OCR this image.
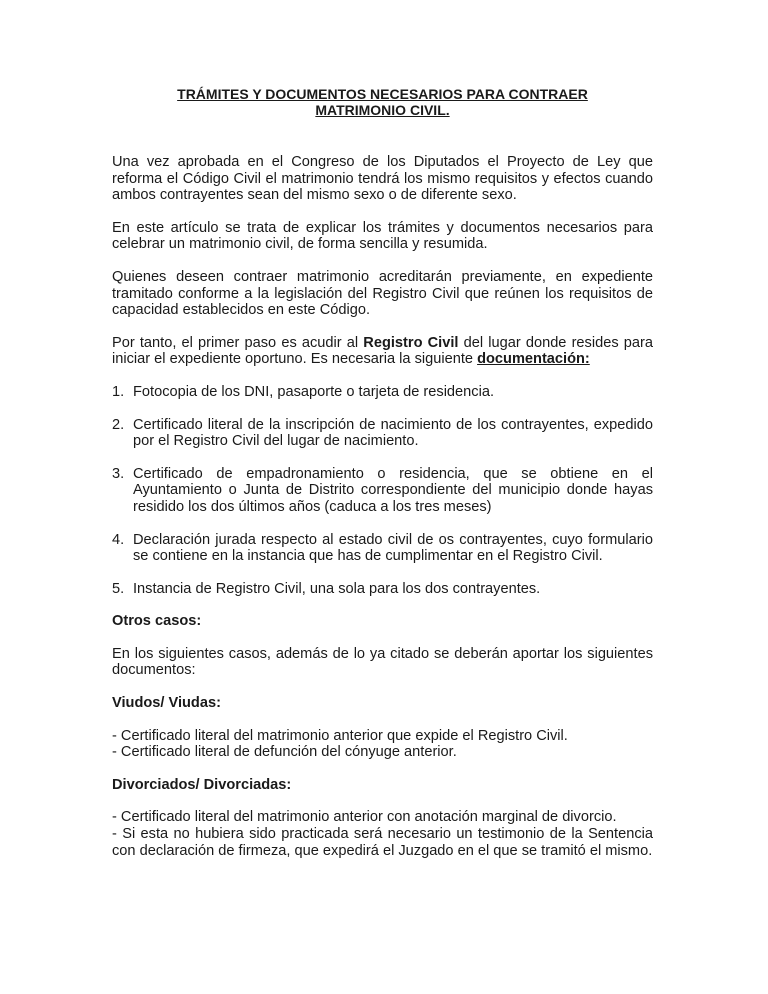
TRÁMITES Y DOCUMENTOS NECESARIOS PARA CONTRAER
MATRIMONIO CIVIL.

Una vez aprobada en el Congreso de los Diputados el Proyecto de Ley que reforma el Código Civil el matrimonio tendrá los mismo requisitos y efectos cuando ambos contrayentes sean del mismo sexo o de diferente sexo.

En este artículo se trata de explicar los trámites y documentos necesarios para celebrar un matrimonio civil, de forma sencilla y resumida.

Quienes deseen contraer matrimonio acreditarán previamente, en expediente tramitado conforme a la legislación del Registro Civil que reúnen los requisitos de capacidad establecidos en este Código.

Por tanto, el primer paso es acudir al Registro Civil del lugar donde resides para iniciar el expediente oportuno. Es necesaria la siguiente documentación:

1. Fotocopia de los DNI, pasaporte o tarjeta de residencia.
2. Certificado literal de la inscripción de nacimiento de los contrayentes, expedido por el Registro Civil del lugar de nacimiento.
3. Certificado de empadronamiento o residencia, que se obtiene en el Ayuntamiento o Junta de Distrito correspondiente del municipio donde hayas residido los dos últimos años (caduca a los tres meses)
4. Declaración jurada respecto al estado civil de os contrayentes, cuyo formulario se contiene en la instancia que has de cumplimentar en el Registro Civil.
5. Instancia de Registro Civil, una sola para los dos contrayentes.
Otros casos:

En los siguientes casos, además de lo ya citado se deberán aportar los siguientes documentos:

Viudos/ Viudas:

- Certificado literal del matrimonio anterior que expide el Registro Civil.

- Certificado literal de defunción del cónyuge anterior.

Divorciados/ Divorciadas:

- Certificado literal del matrimonio anterior con anotación marginal de divorcio.

- Si esta no hubiera sido practicada será necesario un testimonio de la Sentencia con declaración de firmeza, que expedirá el Juzgado en el que se tramitó el mismo.
